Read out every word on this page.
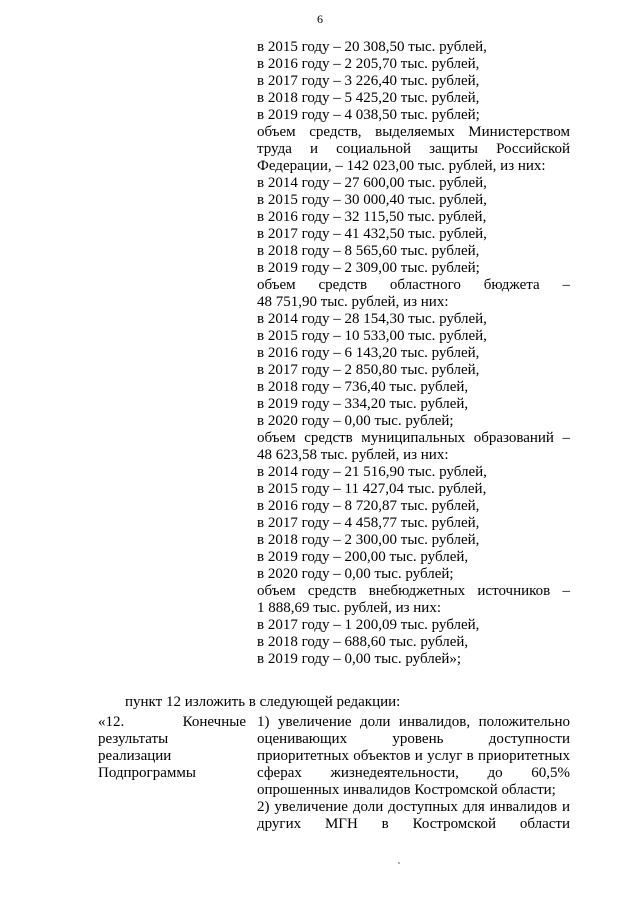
6
в 2015 году – 20 308,50 тыс. рублей,
в 2016 году – 2 205,70 тыс. рублей,
в 2017 году – 3 226,40 тыс. рублей,
в 2018 году – 5 425,20 тыс. рублей,
в 2019 году – 4 038,50 тыс. рублей;
объем средств, выделяемых Министерством
труда и социальной защиты Российской
Федерации, – 142 023,00 тыс. рублей, из них:
в 2014 году – 27 600,00 тыс. рублей,
в 2015 году – 30 000,40 тыс. рублей,
в 2016 году – 32 115,50 тыс. рублей,
в 2017 году – 41 432,50 тыс. рублей,
в 2018 году – 8 565,60 тыс. рублей,
в 2019 году – 2 309,00 тыс. рублей;
объем средств областного бюджета –
48 751,90 тыс. рублей, из них:
в 2014 году – 28 154,30 тыс. рублей,
в 2015 году – 10 533,00 тыс. рублей,
в 2016 году – 6 143,20 тыс. рублей,
в 2017 году – 2 850,80 тыс. рублей,
в 2018 году – 736,40 тыс. рублей,
в 2019 году – 334,20 тыс. рублей,
в 2020 году – 0,00 тыс. рублей;
объем средств муниципальных образований –
48 623,58 тыс. рублей, из них:
в 2014 году – 21 516,90 тыс. рублей,
в 2015 году – 11 427,04 тыс. рублей,
в 2016 году – 8 720,87 тыс. рублей,
в 2017 году – 4 458,77 тыс. рублей,
в 2018 году – 2 300,00 тыс. рублей,
в 2019 году – 200,00 тыс. рублей,
в 2020 году – 0,00 тыс. рублей;
объем средств внебюджетных источников –
1 888,69 тыс. рублей, из них:
в 2017 году – 1 200,09 тыс. рублей,
в 2018 году – 688,60 тыс. рублей,
в 2019 году – 0,00 тыс. рублей»;
пункт 12 изложить в следующей редакции:
«12. Конечные
результаты
реализации
Подпрограммы
1) увеличение доли инвалидов, положительно
оценивающих уровень доступности
приоритетных объектов и услуг в приоритетных
сферах жизнедеятельности, до 60,5%
опрошенных инвалидов Костромской области;
2) увеличение доли доступных для инвалидов и
других МГН в Костромской области
